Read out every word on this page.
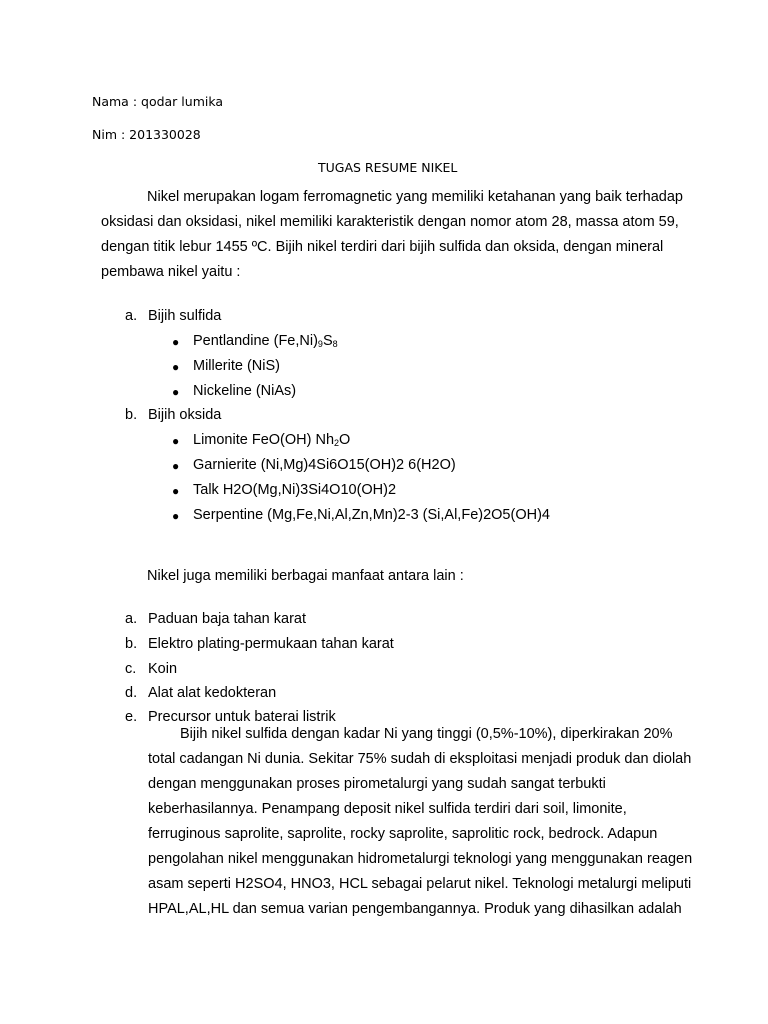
Nama : qodar lumika
Nim : 201330028
TUGAS RESUME NIKEL
Nikel merupakan logam ferromagnetic yang memiliki ketahanan yang baik terhadap
oksidasi dan oksidasi, nikel memiliki karakteristik dengan nomor atom 28, massa atom 59,
dengan titik lebur 1455 ºC. Bijih nikel terdiri dari bijih sulfida dan oksida, dengan mineral
pembawa nikel yaitu :
a. Bijih sulfida
● Pentlandine $(Fe,Ni)_9S_8$
● Millerite (NiS)
● Nickeline (NiAs)
b. Bijih oksida
● Limonite FeO(OH) $Nh_2O$
● Garnierite (Ni,Mg)4Si6O15(OH)2 6(H2O)
● Talk H2O(Mg,Ni)3Si4O10(OH)2
● Serpentine (Mg,Fe,Ni,Al,Zn,Mn)2-3 (Si,Al,Fe)2O5(OH)4
Nikel juga memiliki berbagai manfaat antara lain :
a. Paduan baja tahan karat
b. Elektro plating-permukaan tahan karat
c. Koin
d. Alat alat kedokteran
e. Precursor untuk baterai listrik
Bijih nikel sulfida dengan kadar Ni yang tinggi (0,5%-10%), diperkirakan 20%
total cadangan Ni dunia. Sekitar 75% sudah di eksploitasi menjadi produk dan diolah
dengan menggunakan proses pirometalurgi yang sudah sangat terbukti
keberhasilannya. Penampang deposit nikel sulfida terdiri dari soil, limonite,
ferruginous saprolite, saprolite, rocky saprolite, saprolitic rock, bedrock. Adapun
pengolahan nikel menggunakan hidrometalurgi teknologi yang menggunakan reagen
asam seperti H2SO4, HNO3, HCL sebagai pelarut nikel. Teknologi metalurgi meliputi
HPAL,AL,HL dan semua varian pengembangannya. Produk yang dihasilkan adalah
